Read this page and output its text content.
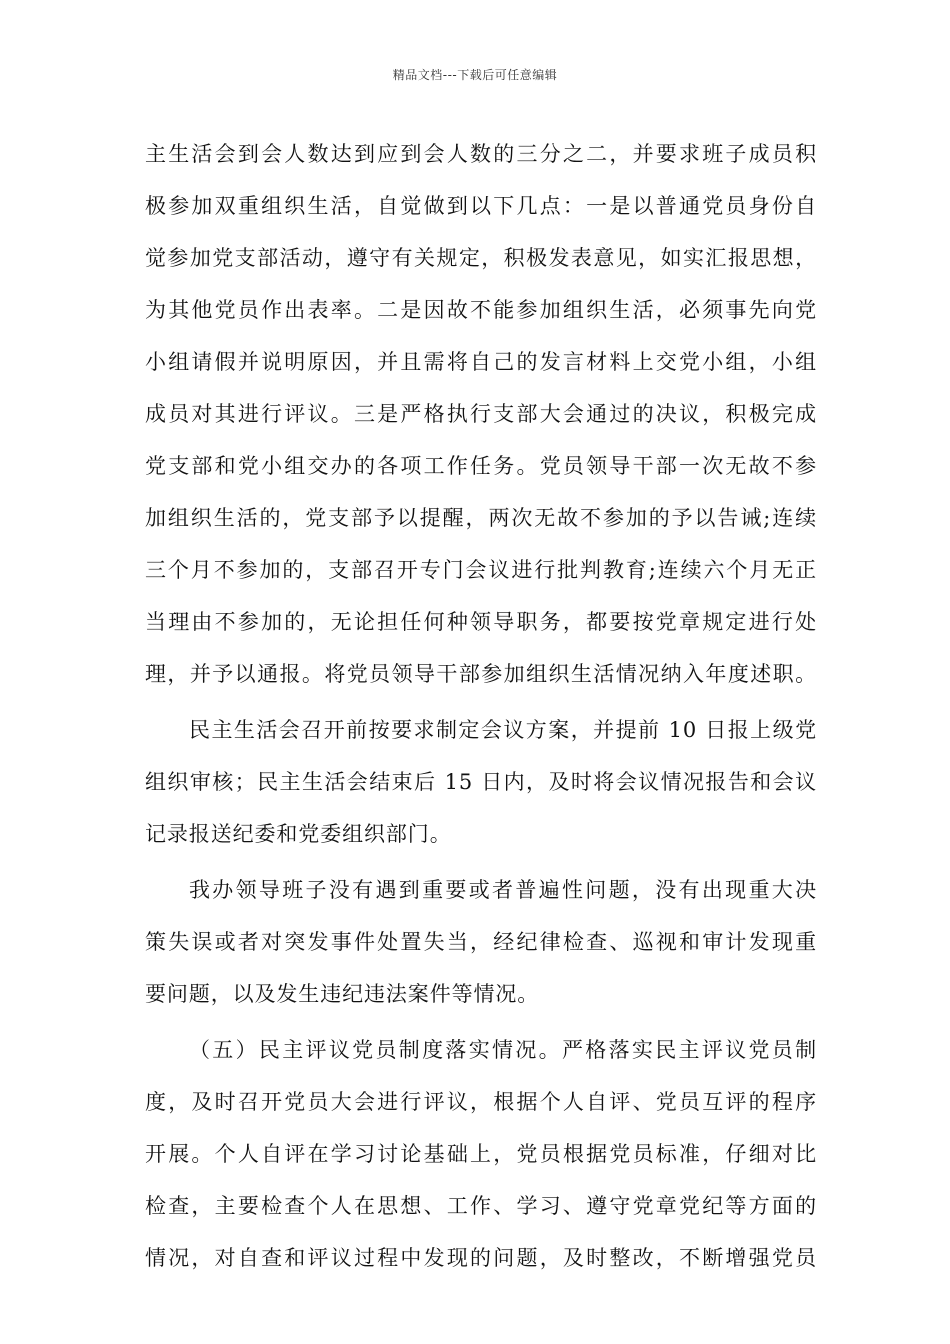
精品文档---下载后可任意编辑
主生活会到会人数达到应到会人数的三分之二，并要求班子成员积
极参加双重组织生活，自觉做到以下几点：一是以普通党员身份自
觉参加党支部活动，遵守有关规定，积极发表意见，如实汇报思想，
为其他党员作出表率。二是因故不能参加组织生活，必须事先向党
小组请假并说明原因，并且需将自己的发言材料上交党小组，小组
成员对其进行评议。三是严格执行支部大会通过的决议，积极完成
党支部和党小组交办的各项工作任务。党员领导干部一次无故不参
加组织生活的，党支部予以提醒，两次无故不参加的予以告诫;连续
三个月不参加的，支部召开专门会议进行批判教育;连续六个月无正
当理由不参加的，无论担任何种领导职务，都要按党章规定进行处
理，并予以通报。将党员领导干部参加组织生活情况纳入年度述职。
民主生活会召开前按要求制定会议方案，并提前 10 日报上级党
组织审核；民主生活会结束后 15 日内，及时将会议情况报告和会议
记录报送纪委和党委组织部门。
我办领导班子没有遇到重要或者普遍性问题，没有出现重大决
策失误或者对突发事件处置失当，经纪律检查、巡视和审计发现重
要问题，以及发生违纪违法案件等情况。
（五）民主评议党员制度落实情况。严格落实民主评议党员制
度，及时召开党员大会进行评议，根据个人自评、党员互评的程序
开展。个人自评在学习讨论基础上，党员根据党员标准，仔细对比
检查，主要检查个人在思想、工作、学习、遵守党章党纪等方面的
情况，对自查和评议过程中发现的问题，及时整改，不断增强党员
